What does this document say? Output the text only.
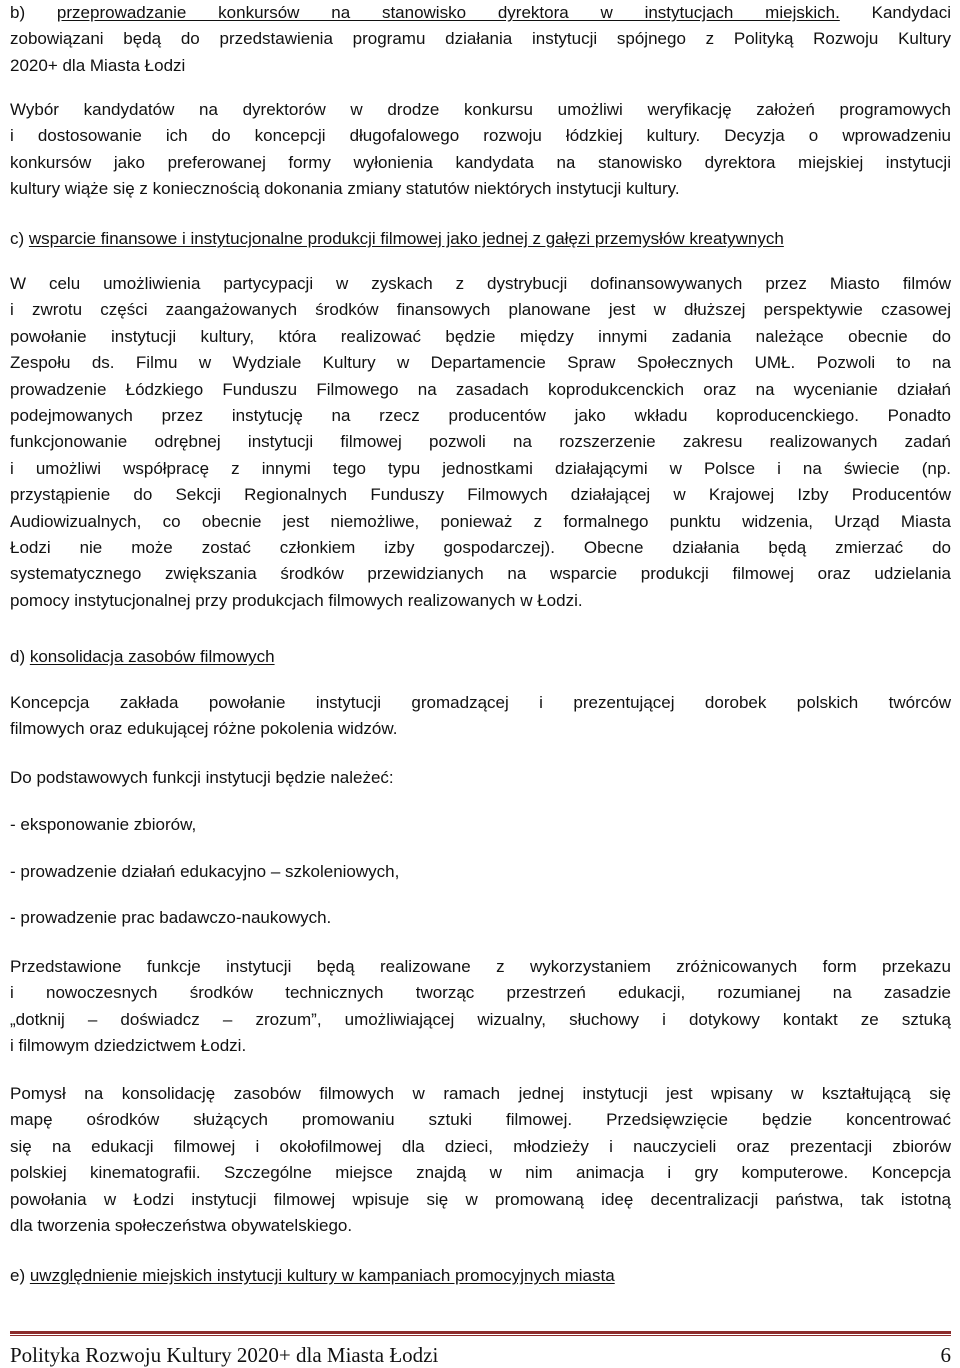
b) przeprowadzanie konkursów na stanowisko dyrektora w instytucjach miejskich. Kandydaci
zobowiązani będą do przedstawienia programu działania instytucji spójnego z Polityką Rozwoju Kultury
2020+ dla Miasta Łodzi
Wybór kandydatów na dyrektorów w drodze konkursu umożliwi weryfikację założeń programowych
i dostosowanie ich do koncepcji długofalowego rozwoju łódzkiej kultury. Decyzja o wprowadzeniu
konkursów jako preferowanej formy wyłonienia kandydata na stanowisko dyrektora miejskiej instytucji
kultury wiąże się z koniecznością dokonania zmiany statutów niektórych instytucji kultury.
c) wsparcie finansowe i instytucjonalne produkcji filmowej jako jednej z gałęzi przemysłów kreatywnych
W celu umożliwienia partycypacji w zyskach z dystrybucji dofinansowywanych przez Miasto filmów
i zwrotu części zaangażowanych środków finansowych planowane jest w dłuższej perspektywie czasowej
powołanie instytucji kultury, która realizować będzie między innymi zadania należące obecnie do
Zespołu ds. Filmu w Wydziale Kultury w Departamencie Spraw Społecznych UMŁ. Pozwoli to na
prowadzenie Łódzkiego Funduszu Filmowego na zasadach koprodukcenckich oraz na wycenianie działań
podejmowanych przez instytucję na rzecz producentów jako wkładu koproducenckiego. Ponadto
funkcjonowanie odrębnej instytucji filmowej pozwoli na rozszerzenie zakresu realizowanych zadań
i umożliwi współpracę z innymi tego typu jednostkami działającymi w Polsce i na świecie (np.
przystąpienie do Sekcji Regionalnych Funduszy Filmowych działającej w Krajowej Izby Producentów
Audiowizualnych, co obecnie jest niemożliwe, ponieważ z formalnego punktu widzenia, Urząd Miasta
Łodzi nie może zostać członkiem izby gospodarczej). Obecne działania będą zmierzać do
systematycznego zwiększania środków przewidzianych na wsparcie produkcji filmowej oraz udzielania
pomocy instytucjonalnej przy produkcjach filmowych realizowanych w Łodzi.
d) konsolidacja zasobów filmowych
Koncepcja zakłada powołanie instytucji gromadzącej i prezentującej dorobek polskich twórców
filmowych oraz edukującej różne pokolenia widzów.
Do podstawowych funkcji instytucji będzie należeć:
- eksponowanie zbiorów,
- prowadzenie działań edukacyjno – szkoleniowych,
- prowadzenie prac badawczo-naukowych.
Przedstawione funkcje instytucji będą realizowane z wykorzystaniem zróżnicowanych form przekazu
i nowoczesnych środków technicznych tworząc przestrzeń edukacji, rozumianej na zasadzie
„dotknij – doświadcz – zrozum”, umożliwiającej wizualny, słuchowy i dotykowy kontakt ze sztuką
i filmowym dziedzictwem Łodzi.
Pomysł na konsolidację zasobów filmowych w ramach jednej instytucji jest wpisany w kształtującą się
mapę ośrodków służących promowaniu sztuki filmowej. Przedsięwzięcie będzie koncentrować
się na edukacji filmowej i okołofilmowej dla dzieci, młodzieży i nauczycieli oraz prezentacji zbiorów
polskiej kinematografii. Szczególne miejsce znajdą w nim animacja i gry komputerowe. Koncepcja
powołania w Łodzi instytucji filmowej wpisuje się w promowaną ideę decentralizacji państwa, tak istotną
dla tworzenia społeczeństwa obywatelskiego.
e) uwzględnienie miejskich instytucji kultury w kampaniach promocyjnych miasta
Polityka Rozwoju Kultury 2020+ dla Miasta Łodzi	6
